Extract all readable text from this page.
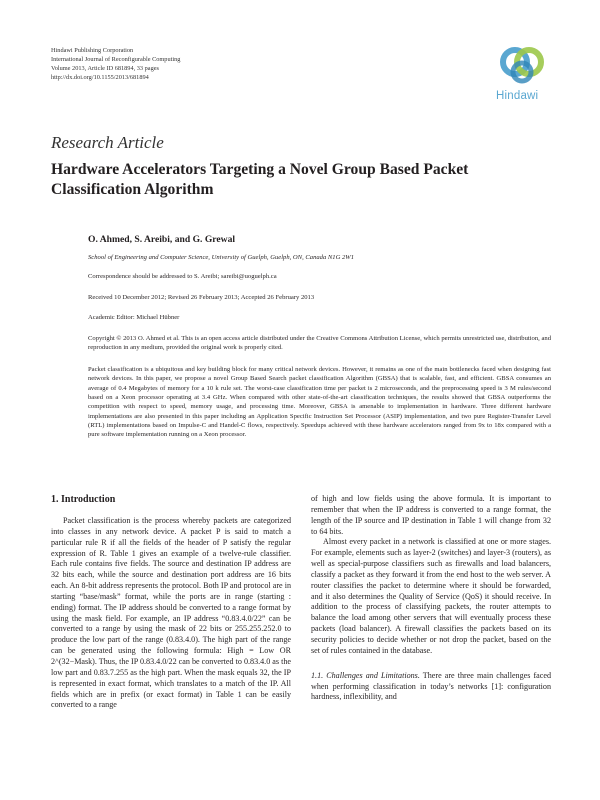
Hindawi Publishing Corporation
International Journal of Reconfigurable Computing
Volume 2013, Article ID 681894, 33 pages
http://dx.doi.org/10.1155/2013/681894
Hindawi
Research Article
Hardware Accelerators Targeting a Novel Group Based Packet Classification Algorithm
O. Ahmed, S. Areibi, and G. Grewal
School of Engineering and Computer Science, University of Guelph, Guelph, ON, Canada N1G 2W1
Correspondence should be addressed to S. Areibi; sareibi@uoguelph.ca
Received 10 December 2012; Revised 26 February 2013; Accepted 26 February 2013
Academic Editor: Michael Hübner
Copyright © 2013 O. Ahmed et al. This is an open access article distributed under the Creative Commons Attribution License, which permits unrestricted use, distribution, and reproduction in any medium, provided the original work is properly cited.
Packet classification is a ubiquitous and key building block for many critical network devices. However, it remains as one of the main bottlenecks faced when designing fast network devices. In this paper, we propose a novel Group Based Search packet classification Algorithm (GBSA) that is scalable, fast, and efficient. GBSA consumes an average of 0.4 Megabytes of memory for a 10 k rule set. The worst-case classification time per packet is 2 microseconds, and the preprocessing speed is 3 M rules/second based on a Xeon processor operating at 3.4 GHz. When compared with other state-of-the-art classification techniques, the results showed that GBSA outperforms the competition with respect to speed, memory usage, and processing time. Moreover, GBSA is amenable to implementation in hardware. Three different hardware implementations are also presented in this paper including an Application Specific Instruction Set Processor (ASIP) implementation, and two pure Register-Transfer Level (RTL) implementations based on Impulse-C and Handel-C flows, respectively. Speedups achieved with these hardware accelerators ranged from 9x to 18x compared with a pure software implementation running on a Xeon processor.
1. Introduction

Packet classification is the process whereby packets are categorized into classes in any network device. A packet P is said to match a particular rule R if all the fields of the header of P satisfy the regular expression of R. Table 1 gives an example of a twelve-rule classifier. Each rule contains five fields. The source and destination IP address are 32 bits each, while the source and destination port address are 16 bits each. An 8-bit address represents the protocol. Both IP and protocol are in starting “base/mask” format, while the ports are in range (starting : ending) format. The IP address should be converted to a range format by using the mask field. For example, an IP address “0.83.4.0/22” can be converted to a range by using the mask of 22 bits or 255.255.252.0 to produce the low part of the range (0.83.4.0). The high part of the range can be generated using the following formula: High = Low OR 2^(32−Mask). Thus, the IP 0.83.4.0/22 can be converted to 0.83.4.0 as the low part and 0.83.7.255 as the high part. When the mask equals 32, the IP is represented in exact format, which translates to a match of the IP. All fields which are in prefix (or exact format) in Table 1 can be easily converted to a range

of high and low fields using the above formula. It is important to remember that when the IP address is converted to a range format, the length of the IP source and IP destination in Table 1 will change from 32 to 64 bits.

Almost every packet in a network is classified at one or more stages. For example, elements such as layer-2 (switches) and layer-3 (routers), as well as special-purpose classifiers such as firewalls and load balancers, classify a packet as they forward it from the end host to the web server. A router classifies the packet to determine where it should be forwarded, and it also determines the Quality of Service (QoS) it should receive. In addition to the process of classifying packets, the router attempts to balance the load among other servers that will eventually process these packets (load balancer). A firewall classifies the packets based on its security policies to decide whether or not drop the packet, based on the set of rules contained in the database.

1.1. Challenges and Limitations. There are three main challenges faced when performing classification in today’s networks [1]: configuration hardness, inflexibility, and
